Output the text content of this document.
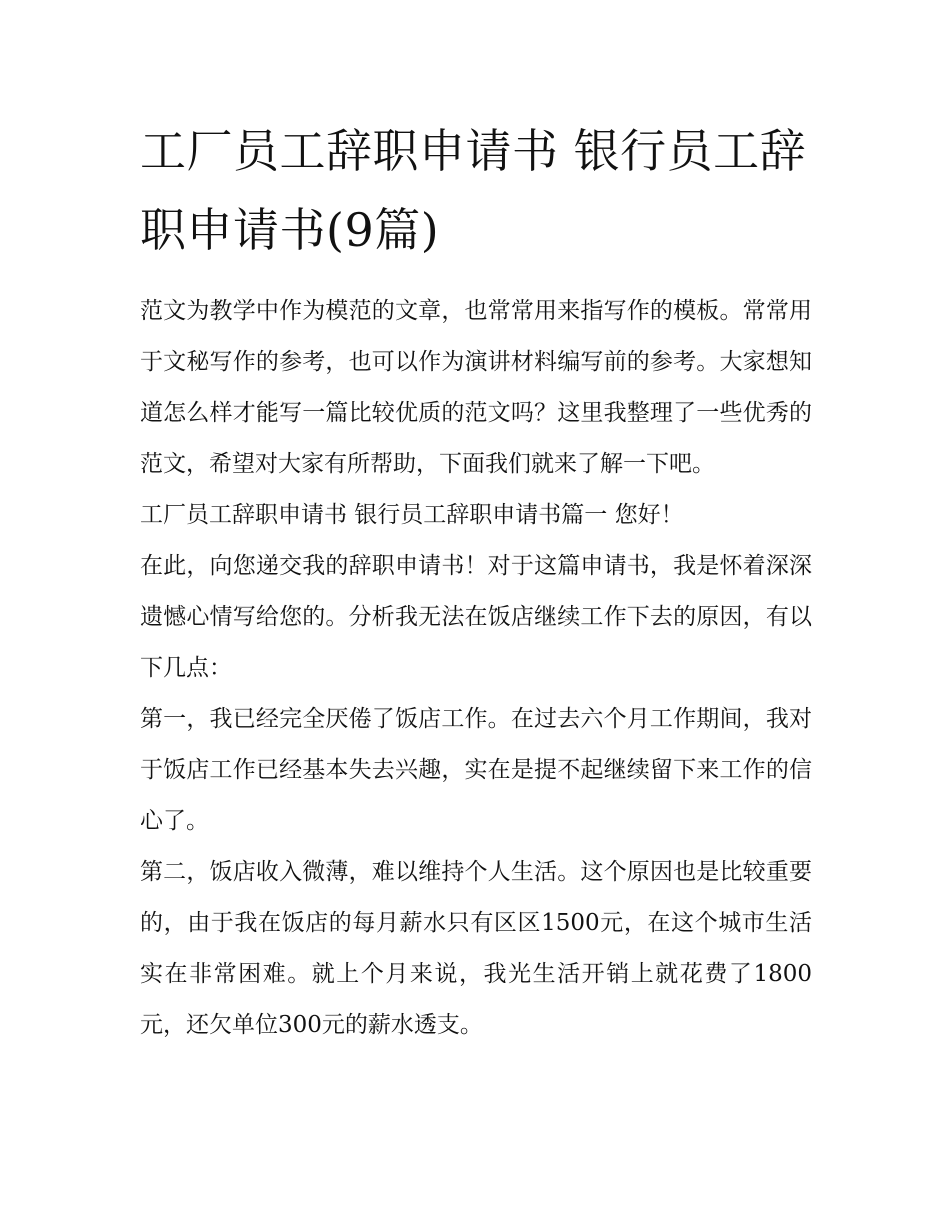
工厂员工辞职申请书 银行员工辞职申请书(9篇)

范文为教学中作为模范的文章，也常常用来指写作的模板。常常用于文秘写作的参考，也可以作为演讲材料编写前的参考。大家想知道怎么样才能写一篇比较优质的范文吗？这里我整理了一些优秀的范文，希望对大家有所帮助，下面我们就来了解一下吧。

工厂员工辞职申请书 银行员工辞职申请书篇一 您好！

在此，向您递交我的辞职申请书！对于这篇申请书，我是怀着深深遗憾心情写给您的。分析我无法在饭店继续工作下去的原因，有以下几点：

第一，我已经完全厌倦了饭店工作。在过去六个月工作期间，我对于饭店工作已经基本失去兴趣，实在是提不起继续留下来工作的信心了。

第二，饭店收入微薄，难以维持个人生活。这个原因也是比较重要的，由于我在饭店的每月薪水只有区区1500元，在这个城市生活实在非常困难。就上个月来说，我光生活开销上就花费了1800元，还欠单位300元的薪水透支。
